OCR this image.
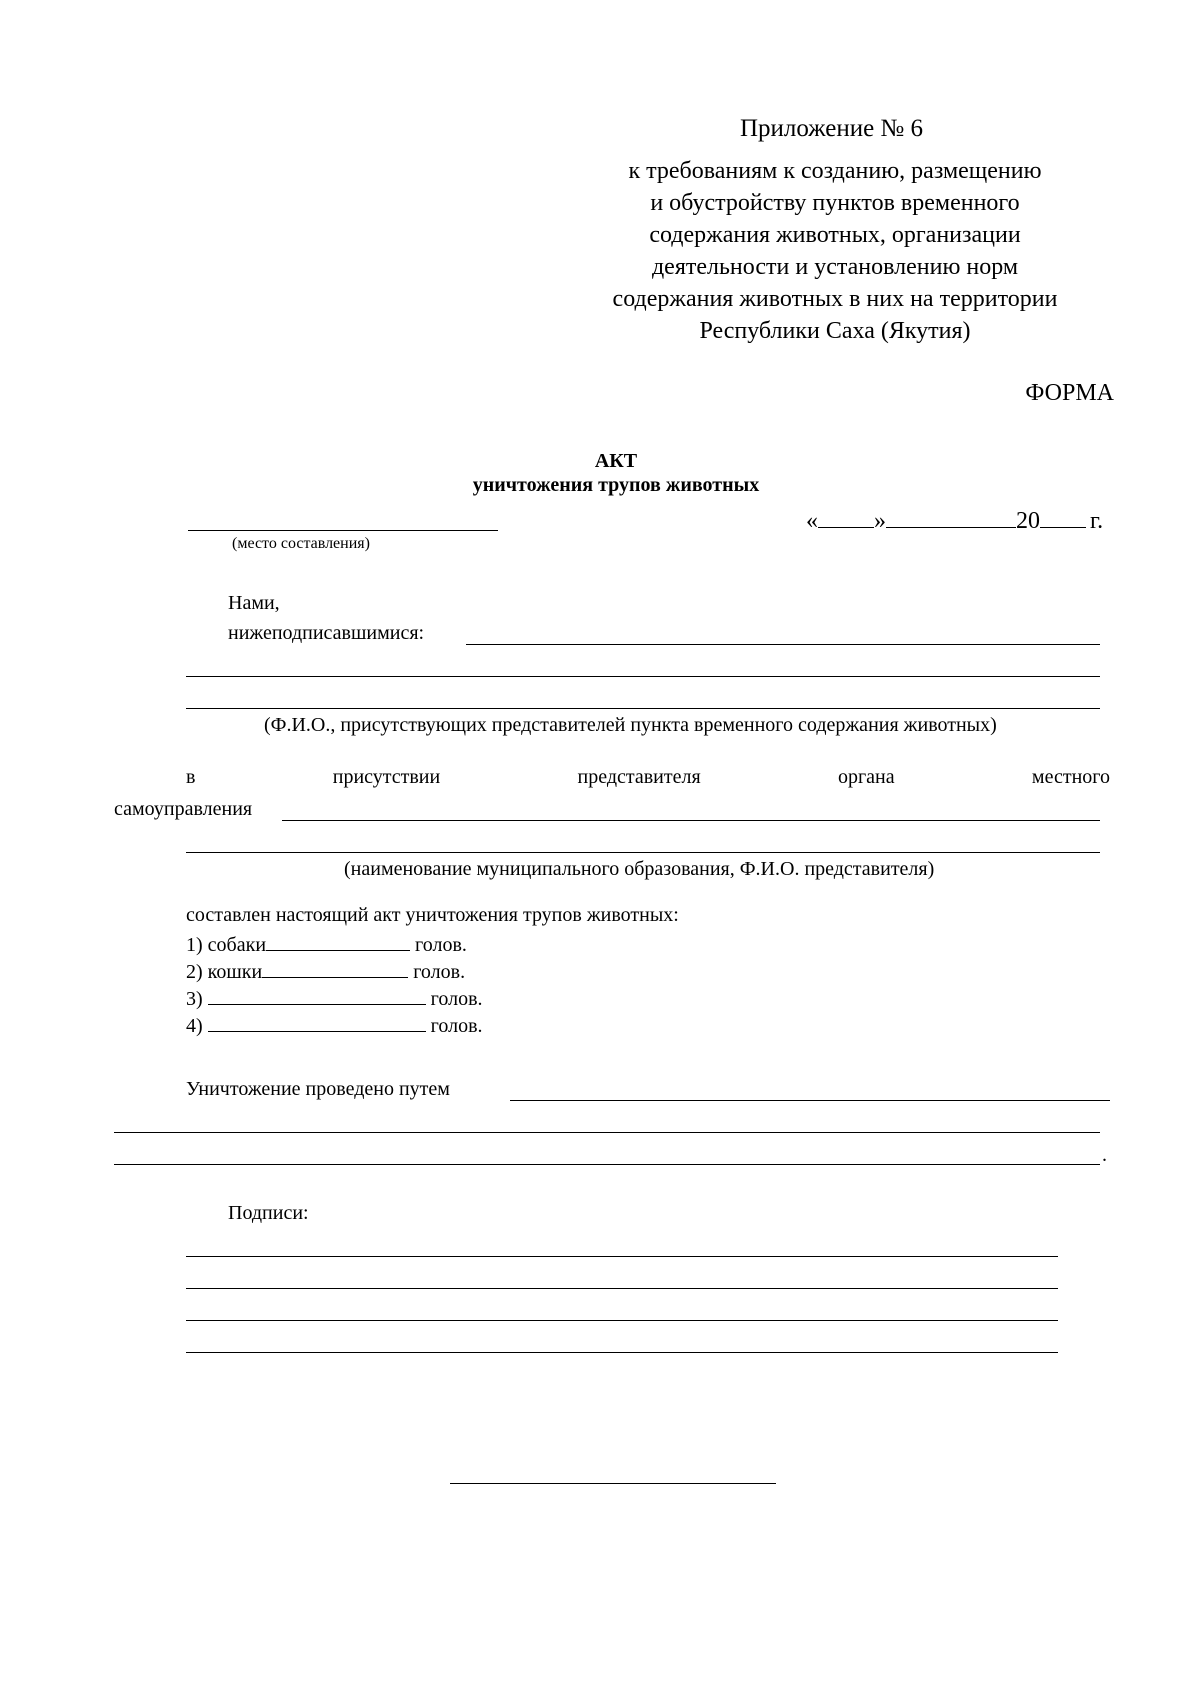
Приложение № 6
к требованиям к созданию, размещению
и обустройству пунктов временного
содержания животных, организации
деятельности и установлению норм
содержания животных в них на территории
Республики Саха (Якутия)
ФОРМА
АКТ
уничтожения трупов животных
(место составления)
« »	20 г.
Нами,
нижеподписавшимися:
(Ф.И.О., присутствующих представителей пункта временного содержания животных)
в	присутствии	представителя	органа	местного
самоуправления
(наименование муниципального образования, Ф.И.О. представителя)
составлен настоящий акт уничтожения трупов животных:
1) собаки	голов.
2) кошки	голов.
3)	голов.
4)	голов.
Уничтожение проведено путем
.
Подписи:
